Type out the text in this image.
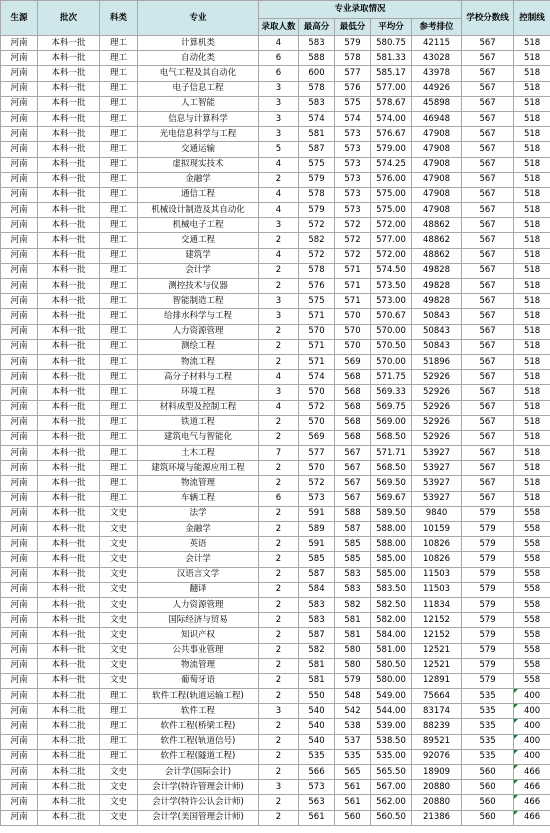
生源	批次	科类	专业	专业录取情况					学校分数线	控制线
				录取人数	最高分	最低分	平均分	参考排位		
河南	本科一批	理工	计算机类	4	583	579	580.75	42115	567	518
河南	本科一批	理工	自动化类	6	588	578	581.33	43028	567	518
河南	本科一批	理工	电气工程及其自动化	6	600	577	585.17	43978	567	518
河南	本科一批	理工	电子信息工程	3	578	576	577.00	44926	567	518
河南	本科一批	理工	人工智能	3	583	575	578.67	45898	567	518
河南	本科一批	理工	信息与计算科学	3	574	574	574.00	46948	567	518
河南	本科一批	理工	光电信息科学与工程	3	581	573	576.67	47908	567	518
河南	本科一批	理工	交通运输	5	587	573	579.00	47908	567	518
河南	本科一批	理工	虚拟现实技术	4	575	573	574.25	47908	567	518
河南	本科一批	理工	金融学	2	579	573	576.00	47908	567	518
河南	本科一批	理工	通信工程	4	578	573	575.00	47908	567	518
河南	本科一批	理工	机械设计制造及其自动化	4	579	573	575.00	47908	567	518
河南	本科一批	理工	机械电子工程	3	572	572	572.00	48862	567	518
河南	本科一批	理工	交通工程	2	582	572	577.00	48862	567	518
河南	本科一批	理工	建筑学	4	572	572	572.00	48862	567	518
河南	本科一批	理工	会计学	2	578	571	574.50	49828	567	518
河南	本科一批	理工	测控技术与仪器	2	576	571	573.50	49828	567	518
河南	本科一批	理工	智能制造工程	3	575	571	573.00	49828	567	518
河南	本科一批	理工	给排水科学与工程	3	571	570	570.67	50843	567	518
河南	本科一批	理工	人力资源管理	2	570	570	570.00	50843	567	518
河南	本科一批	理工	测绘工程	2	571	570	570.50	50843	567	518
河南	本科一批	理工	物流工程	2	571	569	570.00	51896	567	518
河南	本科一批	理工	高分子材料与工程	4	574	568	571.75	52926	567	518
河南	本科一批	理工	环境工程	3	570	568	569.33	52926	567	518
河南	本科一批	理工	材料成型及控制工程	4	572	568	569.75	52926	567	518
河南	本科一批	理工	铁道工程	2	570	568	569.00	52926	567	518
河南	本科一批	理工	建筑电气与智能化	2	569	568	568.50	52926	567	518
河南	本科一批	理工	土木工程	7	577	567	571.71	53927	567	518
河南	本科一批	理工	建筑环境与能源应用工程	2	570	567	568.50	53927	567	518
河南	本科一批	理工	物流管理	2	572	567	569.50	53927	567	518
河南	本科一批	理工	车辆工程	6	573	567	569.67	53927	567	518
河南	本科一批	文史	法学	2	591	588	589.50	9840	579	558
河南	本科一批	文史	金融学	2	589	587	588.00	10159	579	558
河南	本科一批	文史	英语	2	591	585	588.00	10826	579	558
河南	本科一批	文史	会计学	2	585	585	585.00	10826	579	558
河南	本科一批	文史	汉语言文学	2	587	583	585.00	11503	579	558
河南	本科一批	文史	翻译	2	584	583	583.50	11503	579	558
河南	本科一批	文史	人力资源管理	2	583	582	582.50	11834	579	558
河南	本科一批	文史	国际经济与贸易	2	583	581	582.00	12152	579	558
河南	本科一批	文史	知识产权	2	587	581	584.00	12152	579	558
河南	本科一批	文史	公共事业管理	2	582	580	581.00	12521	579	558
河南	本科一批	文史	物流管理	2	581	580	580.50	12521	579	558
河南	本科一批	文史	葡萄牙语	2	581	579	580.00	12891	579	558
河南	本科二批	理工	软件工程(轨道运输工程)	2	550	548	549.00	75664	535	400
河南	本科二批	理工	软件工程	3	540	542	544.00	83174	535	400
河南	本科二批	理工	软件工程(桥梁工程)	2	540	538	539.00	88239	535	400
河南	本科二批	理工	软件工程(轨道信号)	2	540	537	538.50	89521	535	400
河南	本科二批	理工	软件工程(隧道工程)	2	535	535	535.00	92076	535	400
河南	本科二批	文史	会计学(国际会计)	2	566	565	565.50	18909	560	466
河南	本科二批	文史	会计学(特许管理会计师)	3	573	561	567.00	20880	560	466
河南	本科二批	文史	会计学(特许公认会计师)	2	563	561	562.00	20880	560	466
河南	本科二批	文史	会计学(美国管理会计师)	2	561	560	560.50	21386	560	466
